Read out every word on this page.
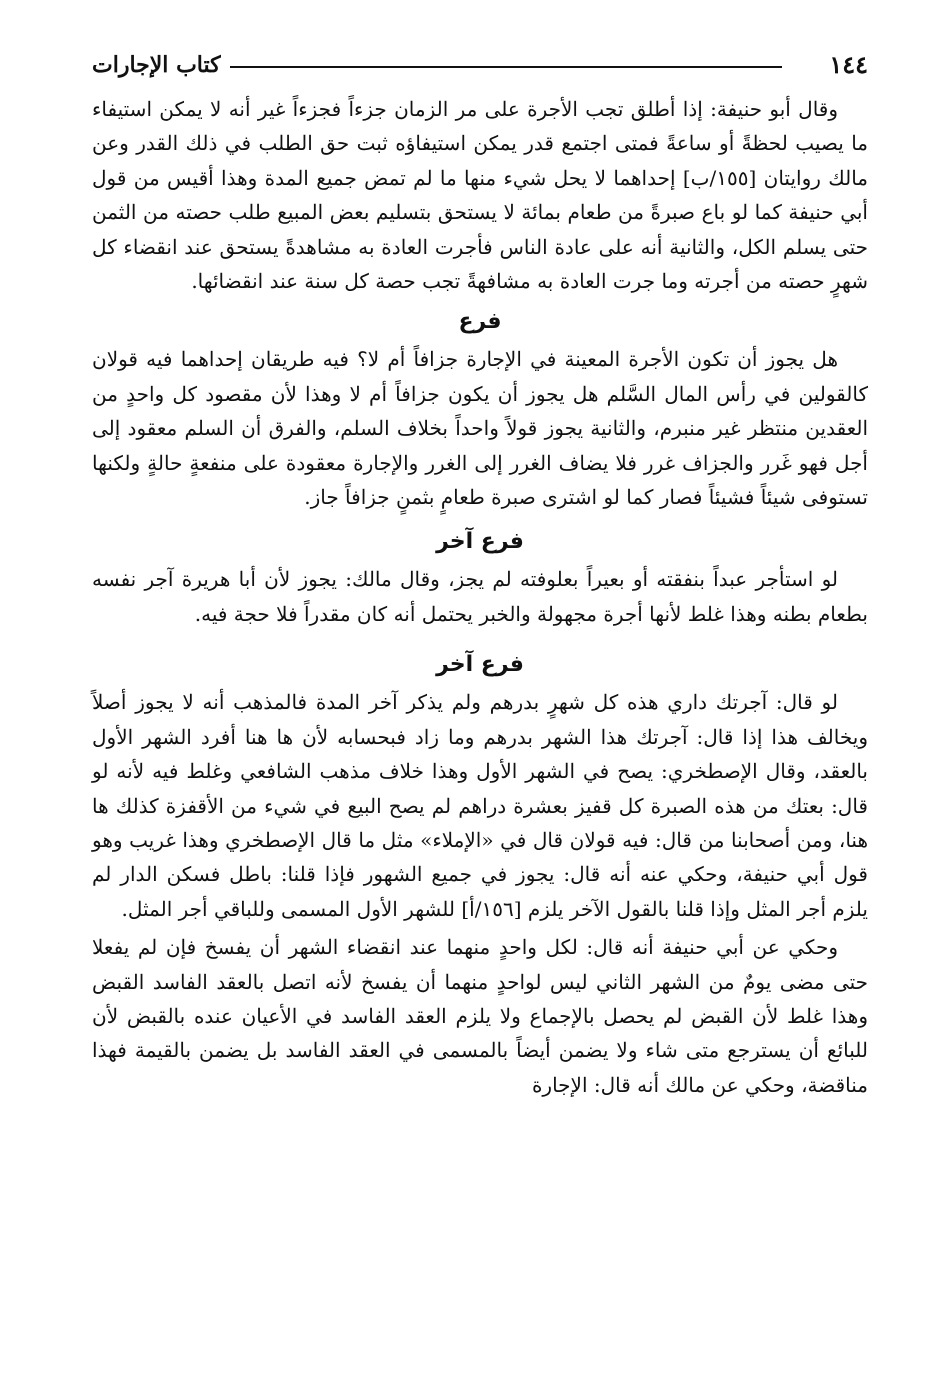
١٤٤
كتاب الإجارات

وقال أبو حنيفة: إذا أطلق تجب الأجرة على مر الزمان جزءاً فجزءاً غير أنه لا يمكن استيفاء ما يصيب لحظةً أو ساعةً فمتى اجتمع قدر يمكن استيفاؤه ثبت حق الطلب في ذلك القدر وعن مالك روايتان [١٥٥/ب] إحداهما لا يحل شيء منها ما لم تمض جميع المدة وهذا أقيس من قول أبي حنيفة كما لو باع صبرةً من طعام بمائة لا يستحق بتسليم بعض المبيع طلب حصته من الثمن حتى يسلم الكل، والثانية أنه على عادة الناس فأجرت العادة به مشاهدةً يستحق عند انقضاء كل شهرٍ حصته من أجرته وما جرت العادة به مشافهةً تجب حصة كل سنة عند انقضائها.

فرع

هل يجوز أن تكون الأجرة المعينة في الإجارة جزافاً أم لا؟ فيه طريقان إحداهما فيه قولان كالقولين في رأس المال السَّلم هل يجوز أن يكون جزافاً أم لا وهذا لأن مقصود كل واحدٍ من العقدين منتظر غير منبرم، والثانية يجوز قولاً واحداً بخلاف السلم، والفرق أن السلم معقود إلى أجل فهو غَرر والجزاف غرر فلا يضاف الغرر إلى الغرر والإجارة معقودة على منفعةٍ حالةٍ ولكنها تستوفى شيئاً فشيئاً فصار كما لو اشترى صبرة طعامٍ بثمنٍ جزافاً جاز.

فرع آخر

لو استأجر عبداً بنفقته أو بعيراً بعلوفته لم يجز، وقال مالك: يجوز لأن أبا هريرة آجر نفسه بطعام بطنه وهذا غلط لأنها أجرة مجهولة والخبر يحتمل أنه كان مقدراً فلا حجة فيه.

فرع آخر

لو قال: آجرتك داري هذه كل شهرٍ بدرهم ولم يذكر آخر المدة فالمذهب أنه لا يجوز أصلاً ويخالف هذا إذا قال: آجرتك هذا الشهر بدرهم وما زاد فبحسابه لأن ها هنا أفرد الشهر الأول بالعقد، وقال الإصطخري: يصح في الشهر الأول وهذا خلاف مذهب الشافعي وغلط فيه لأنه لو قال: بعتك من هذه الصبرة كل قفيز بعشرة دراهم لم يصح البيع في شيء من الأقفزة كذلك ها هنا، ومن أصحابنا من قال: فيه قولان قال في «الإملاء» مثل ما قال الإصطخري وهذا غريب وهو قول أبي حنيفة، وحكي عنه أنه قال: يجوز في جميع الشهور فإذا قلنا: باطل فسكن الدار لم يلزم أجر المثل وإذا قلنا بالقول الآخر يلزم [١٥٦/أ] للشهر الأول المسمى وللباقي أجر المثل.

وحكي عن أبي حنيفة أنه قال: لكل واحدٍ منهما عند انقضاء الشهر أن يفسخ فإن لم يفعلا حتى مضى يومٌ من الشهر الثاني ليس لواحدٍ منهما أن يفسخ لأنه اتصل بالعقد الفاسد القبض وهذا غلط لأن القبض لم يحصل بالإجماع ولا يلزم العقد الفاسد في الأعيان عنده بالقبض لأن للبائع أن يسترجع متى شاء ولا يضمن أيضاً بالمسمى في العقد الفاسد بل يضمن بالقيمة فهذا مناقضة، وحكي عن مالك أنه قال: الإجارة
